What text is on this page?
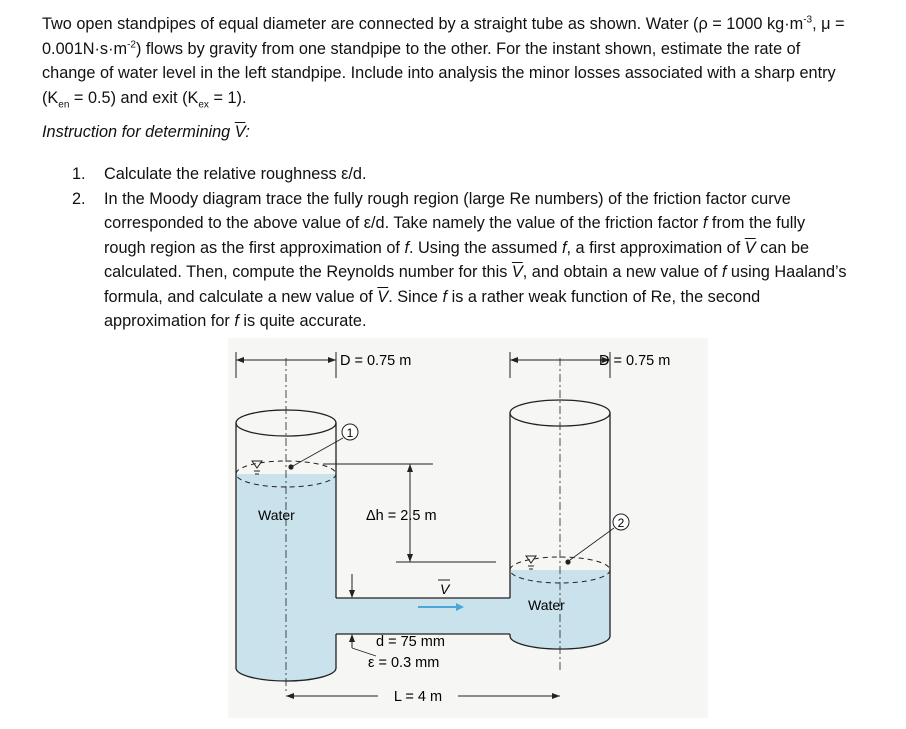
Two open standpipes of equal diameter are connected by a straight tube as shown. Water (ρ = 1000 $kg\cdot m^{-3}$, μ =

$0.001N\cdot s\cdot m^{-2}$) flows by gravity from one standpipe to the other. For the instant shown, estimate the rate of

change of water level in the left standpipe. Include into analysis the minor losses associated with a sharp entry

$(K_{en} = 0.5)$ and exit $(K_{ex} = 1)$.

Instruction for determining $\overline{V}$:
1. Calculate the relative roughness ε/d.
2. In the Moody diagram trace the fully rough region (large Re numbers) of the friction factor curve
corresponded to the above value of ε/d. Take namely the value of the friction factor f from the fully
rough region as the first approximation of f. Using the assumed f, a first approximation of $\overline{V}$ can be
calculated. Then, compute the Reynolds number for this $\overline{V}$, and obtain a new value of f using Haaland’s
formula, and calculate a new value of $\overline{V}$. Since f is a rather weak function of Re, the second
approximation for f is quite accurate.
D = 0.75 m	D = 0.75 m
1
2
Water
Water
Δh = 2.5 m
V
d = 75 mm
ε = 0.3 mm
L = 4 m
